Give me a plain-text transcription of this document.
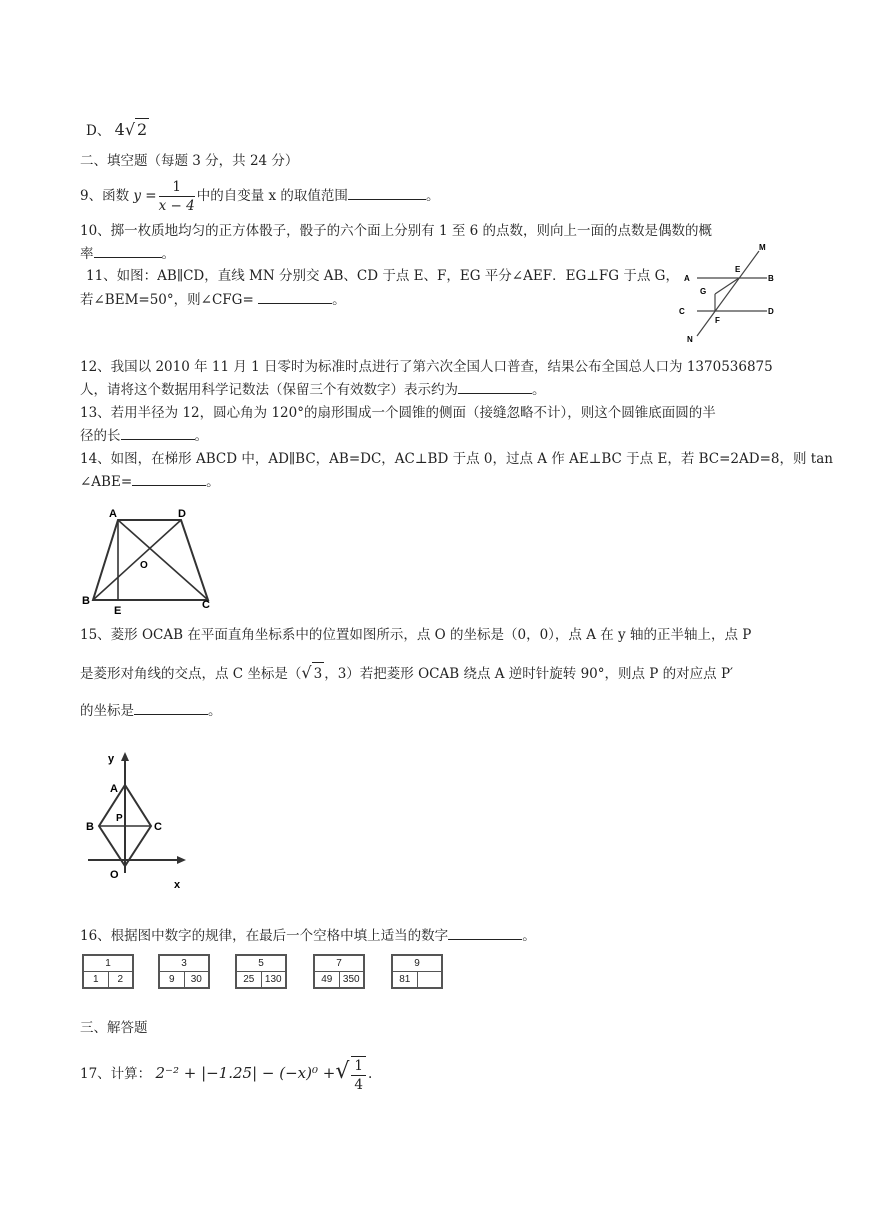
D、 4√ 2
二、填空题（每题 3 分，共 24 分）
9、函数 $y = \frac{1}{x - 4}$ 中的自变量 x 的取值范围	。
10、掷一枚质地均匀的正方体骰子，骰子的六个面上分别有 1 至 6 的点数，则向上一面的点数是偶数的概
率	。
11、如图：AB∥CD，直线 MN 分别交 AB、CD 于点 E、F，EG 平分∠AEF．EG⊥FG 于点 G，
若∠BEM=50°，则∠CFG=	。
M
A
E
B
G
C
F
D
N
12、我国以 2010 年 11 月 1 日零时为标准时点进行了第六次全国人口普查，结果公布全国总人口为 1370536875
人，请将这个数据用科学记数法（保留三个有效数字）表示约为	。
13、若用半径为 12，圆心角为 120°的扇形围成一个圆锥的侧面（接缝忽略不计），则这个圆锥底面圆的半
径的长	。
14、如图，在梯形 ABCD 中，AD∥BC，AB=DC，AC⊥BD 于点 0，过点 A 作 AE⊥BC 于点 E，若 BC=2AD=8，则 tan
∠ABE=	。
A	D
O
B
E	C
15、菱形 OCAB 在平面直角坐标系中的位置如图所示，点 O 的坐标是（0，0），点 A 在 y 轴的正半轴上，点 P
是菱形对角线的交点，点 C 坐标是（√ 3 ，3）若把菱形 OCAB 绕点 A 逆时针旋转 90°，则点 P 的对应点 P′
的坐标是	。
y
A
B
P
C
O
x
16、根据图中数字的规律，在最后一个空格中填上适当的数字	。
1
1	2
3
9	30
5
25	130
7
49	350
9
81
三、解答题
17、计算： 2⁻² + |−1.25| − (−x)⁰ +√ $\frac{1}{4}$ .
